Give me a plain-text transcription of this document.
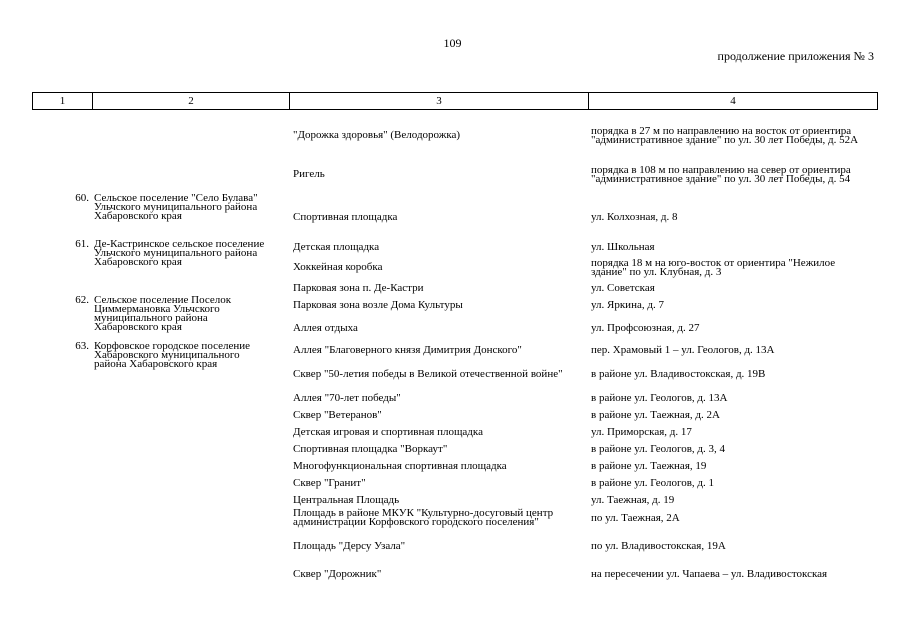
109
продолжение приложения № 3
1	2	3	4
		"Дорожка здоровья" (Велодорожка)	порядка в 27 м по направлению на восток от ориентира "административное здание" по ул. 30 лет Победы, д. 52А
		Ригель	порядка в 108 м по направлению на север от ориентира "административное здание" по ул. 30 лет Победы, д. 54
60.	Сельское поселение "Село Булава" Ульчского муниципального района Хабаровского края	Спортивная площадка	ул. Колхозная, д. 8
61.	Де-Кастринское сельское поселение Ульчского муниципального района Хабаровского края	Детская площадка	ул. Школьная
		Хоккейная коробка	порядка 18 м на юго-восток от ориентира "Нежилое здание" по ул. Клубная, д. 3
		Парковая зона п. Де-Кастри	ул. Советская
62.	Сельское поселение Поселок Циммермановка Ульчского муниципального района Хабаровского края	Парковая зона возле Дома Культуры	ул. Яркина, д. 7
		Аллея отдыха	ул. Профсоюзная, д. 27
63.	Корфовское городское поселение Хабаровского муниципального района Хабаровского края	Аллея "Благоверного князя Димитрия Донского"	пер. Храмовый 1 – ул. Геологов, д. 13А
		Сквер "50-летия победы в Великой отечественной войне"	в районе ул. Владивостокская, д. 19В
		Аллея "70-лет победы"	в районе ул. Геологов, д. 13А
		Сквер "Ветеранов"	в районе ул. Таежная, д. 2А
		Детская игровая и спортивная площадка	ул. Приморская, д. 17
		Спортивная площадка "Воркаут"	в районе ул. Геологов, д. 3, 4
		Многофункциональная спортивная площадка	в районе ул. Таежная, 19
		Сквер "Гранит"	в районе ул. Геологов, д. 1
		Центральная Площадь	ул. Таежная, д. 19
		Площадь в районе МКУК "Культурно-досуговый центр администрации Корфовского городского поселения"	по ул. Таежная, 2А
		Площадь "Дерсу Узала"	по ул. Владивостокская, 19А
		Сквер "Дорожник"	на пересечении ул. Чапаева – ул. Владивостокская
